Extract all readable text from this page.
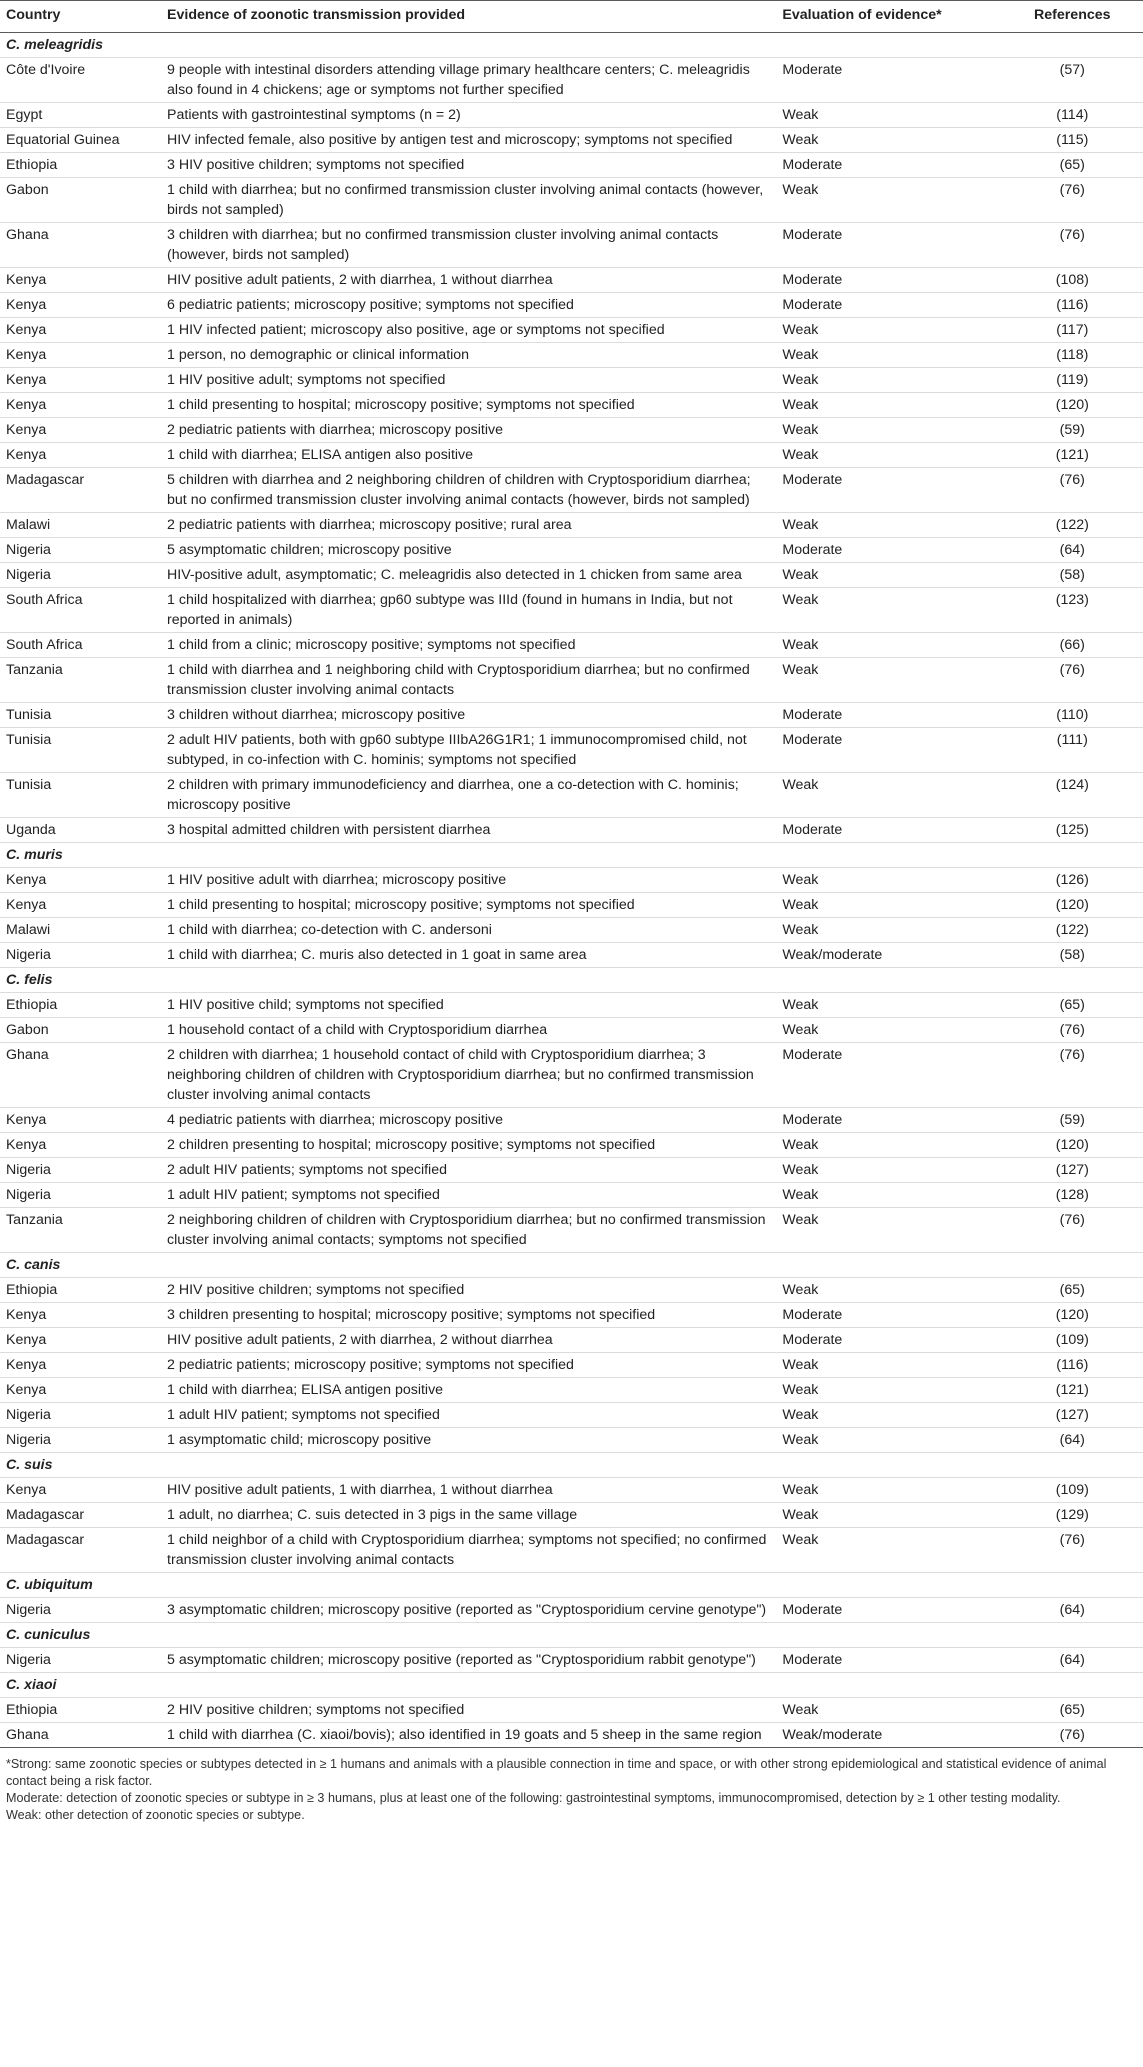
Country	Evidence of zoonotic transmission provided	Evaluation of evidence*	References
C. meleagridis			
Côte d'Ivoire	9 people with intestinal disorders attending village primary healthcare centers; C. meleagridis also found in 4 chickens; age or symptoms not further specified	Moderate	(57)
Egypt	Patients with gastrointestinal symptoms (n = 2)	Weak	(114)
Equatorial Guinea	HIV infected female, also positive by antigen test and microscopy; symptoms not specified	Weak	(115)
Ethiopia	3 HIV positive children; symptoms not specified	Moderate	(65)
Gabon	1 child with diarrhea; but no confirmed transmission cluster involving animal contacts (however, birds not sampled)	Weak	(76)
Ghana	3 children with diarrhea; but no confirmed transmission cluster involving animal contacts (however, birds not sampled)	Moderate	(76)
Kenya	HIV positive adult patients, 2 with diarrhea, 1 without diarrhea	Moderate	(108)
Kenya	6 pediatric patients; microscopy positive; symptoms not specified	Moderate	(116)
Kenya	1 HIV infected patient; microscopy also positive, age or symptoms not specified	Weak	(117)
Kenya	1 person, no demographic or clinical information	Weak	(118)
Kenya	1 HIV positive adult; symptoms not specified	Weak	(119)
Kenya	1 child presenting to hospital; microscopy positive; symptoms not specified	Weak	(120)
Kenya	2 pediatric patients with diarrhea; microscopy positive	Weak	(59)
Kenya	1 child with diarrhea; ELISA antigen also positive	Weak	(121)
Madagascar	5 children with diarrhea and 2 neighboring children of children with Cryptosporidium diarrhea; but no confirmed transmission cluster involving animal contacts (however, birds not sampled)	Moderate	(76)
Malawi	2 pediatric patients with diarrhea; microscopy positive; rural area	Weak	(122)
Nigeria	5 asymptomatic children; microscopy positive	Moderate	(64)
Nigeria	HIV-positive adult, asymptomatic; C. meleagridis also detected in 1 chicken from same area	Weak	(58)
South Africa	1 child hospitalized with diarrhea; gp60 subtype was IIId (found in humans in India, but not reported in animals)	Weak	(123)
South Africa	1 child from a clinic; microscopy positive; symptoms not specified	Weak	(66)
Tanzania	1 child with diarrhea and 1 neighboring child with Cryptosporidium diarrhea; but no confirmed transmission cluster involving animal contacts	Weak	(76)
Tunisia	3 children without diarrhea; microscopy positive	Moderate	(110)
Tunisia	2 adult HIV patients, both with gp60 subtype IIIbA26G1R1; 1 immunocompromised child, not subtyped, in co-infection with C. hominis; symptoms not specified	Moderate	(111)
Tunisia	2 children with primary immunodeficiency and diarrhea, one a co-detection with C. hominis; microscopy positive	Weak	(124)
Uganda	3 hospital admitted children with persistent diarrhea	Moderate	(125)
C. muris			
Kenya	1 HIV positive adult with diarrhea; microscopy positive	Weak	(126)
Kenya	1 child presenting to hospital; microscopy positive; symptoms not specified	Weak	(120)
Malawi	1 child with diarrhea; co-detection with C. andersoni	Weak	(122)
Nigeria	1 child with diarrhea; C. muris also detected in 1 goat in same area	Weak/moderate	(58)
C. felis			
Ethiopia	1 HIV positive child; symptoms not specified	Weak	(65)
Gabon	1 household contact of a child with Cryptosporidium diarrhea	Weak	(76)
Ghana	2 children with diarrhea; 1 household contact of child with Cryptosporidium diarrhea; 3 neighboring children of children with Cryptosporidium diarrhea; but no confirmed transmission cluster involving animal contacts	Moderate	(76)
Kenya	4 pediatric patients with diarrhea; microscopy positive	Moderate	(59)
Kenya	2 children presenting to hospital; microscopy positive; symptoms not specified	Weak	(120)
Nigeria	2 adult HIV patients; symptoms not specified	Weak	(127)
Nigeria	1 adult HIV patient; symptoms not specified	Weak	(128)
Tanzania	2 neighboring children of children with Cryptosporidium diarrhea; but no confirmed transmission cluster involving animal contacts; symptoms not specified	Weak	(76)
C. canis			
Ethiopia	2 HIV positive children; symptoms not specified	Weak	(65)
Kenya	3 children presenting to hospital; microscopy positive; symptoms not specified	Moderate	(120)
Kenya	HIV positive adult patients, 2 with diarrhea, 2 without diarrhea	Moderate	(109)
Kenya	2 pediatric patients; microscopy positive; symptoms not specified	Weak	(116)
Kenya	1 child with diarrhea; ELISA antigen positive	Weak	(121)
Nigeria	1 adult HIV patient; symptoms not specified	Weak	(127)
Nigeria	1 asymptomatic child; microscopy positive	Weak	(64)
C. suis			
Kenya	HIV positive adult patients, 1 with diarrhea, 1 without diarrhea	Weak	(109)
Madagascar	1 adult, no diarrhea; C. suis detected in 3 pigs in the same village	Weak	(129)
Madagascar	1 child neighbor of a child with Cryptosporidium diarrhea; symptoms not specified; no confirmed transmission cluster involving animal contacts	Weak	(76)
C. ubiquitum			
Nigeria	3 asymptomatic children; microscopy positive (reported as "Cryptosporidium cervine genotype")	Moderate	(64)
C. cuniculus			
Nigeria	5 asymptomatic children; microscopy positive (reported as "Cryptosporidium rabbit genotype")	Moderate	(64)
C. xiaoi			
Ethiopia	2 HIV positive children; symptoms not specified	Weak	(65)
Ghana	1 child with diarrhea (C. xiaoi/bovis); also identified in 19 goats and 5 sheep in the same region	Weak/moderate	(76)

*Strong: same zoonotic species or subtypes detected in ≥ 1 humans and animals with a plausible connection in time and space, or with other strong epidemiological and statistical evidence of animal contact being a risk factor.

Moderate: detection of zoonotic species or subtype in ≥ 3 humans, plus at least one of the following: gastrointestinal symptoms, immunocompromised, detection by ≥ 1 other testing modality.

Weak: other detection of zoonotic species or subtype.
